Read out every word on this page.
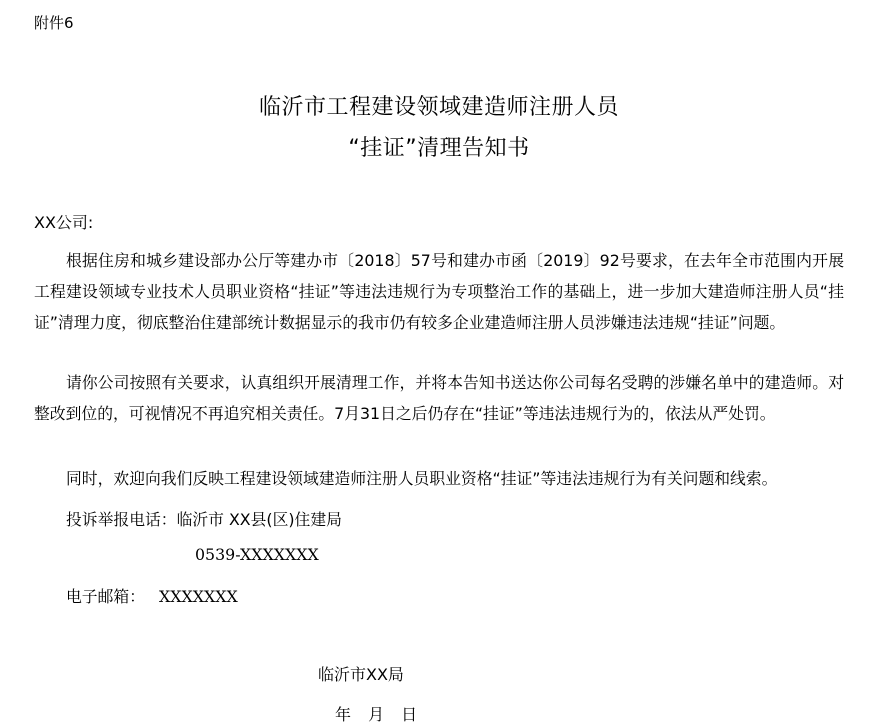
附件6
临沂市工程建设领域建造师注册人员
“挂证”清理告知书
XX公司:
根据住房和城乡建设部办公厅等建办市〔2018〕57号和建办市函〔2019〕92号要求，在去年全市范围内开展工程建设领域专业技术人员职业资格“挂证”等违法违规行为专项整治工作的基础上，进一步加大建造师注册人员“挂证”清理力度，彻底整治住建部统计数据显示的我市仍有较多企业建造师注册人员涉嫌违法违规“挂证”问题。
请你公司按照有关要求，认真组织开展清理工作，并将本告知书送达你公司每名受聘的涉嫌名单中的建造师。对整改到位的，可视情况不再追究相关责任。7月31日之后仍存在“挂证”等违法违规行为的，依法从严处罚。
同时，欢迎向我们反映工程建设领域建造师注册人员职业资格“挂证”等违法违规行为有关问题和线索。
投诉举报电话：临沂市 XX县(区)住建局
0539-XXXXXXX
电子邮箱： XXXXXXX
临沂市XX局
年 月 日
